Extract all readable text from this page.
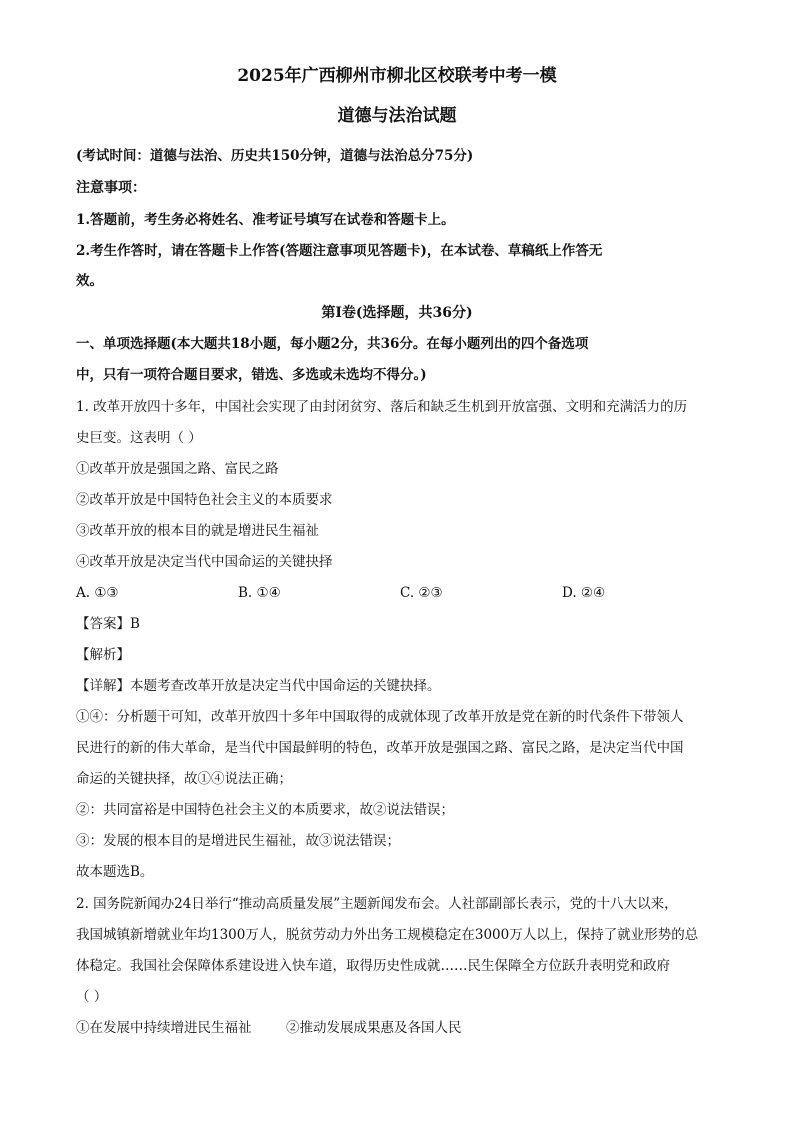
2025年广西柳州市柳北区校联考中考一模
道德与法治试题
(考试时间：道德与法治、历史共150分钟，道德与法治总分75分)
注意事项：
1.答题前，考生务必将姓名、准考证号填写在试卷和答题卡上。
2.考生作答时，请在答题卡上作答(答题注意事项见答题卡)，在本试卷、草稿纸上作答无
效。
第Ⅰ卷(选择题，共36分)
一、单项选择题(本大题共18小题，每小题2分，共36分。在每小题列出的四个备选项
中，只有一项符合题目要求，错选、多选或未选均不得分。)
1. 改革开放四十多年，中国社会实现了由封闭贫穷、落后和缺乏生机到开放富强、文明和充满活力的历
史巨变。这表明（ ）
①改革开放是强国之路、富民之路
②改革开放是中国特色社会主义的本质要求
③改革开放的根本目的就是增进民生福祉
④改革开放是决定当代中国命运的关键抉择
A. ①③	B. ①④	C. ②③	D. ②④
【答案】B
【解析】
【详解】本题考查改革开放是决定当代中国命运的关键抉择。
①④：分析题干可知，改革开放四十多年中国取得的成就体现了改革开放是党在新的时代条件下带领人
民进行的新的伟大革命，是当代中国最鲜明的特色，改革开放是强国之路、富民之路，是决定当代中国
命运的关键抉择，故①④说法正确；
②：共同富裕是中国特色社会主义的本质要求，故②说法错误；
③：发展的根本目的是增进民生福祉，故③说法错误；
故本题选B。
2. 国务院新闻办24日举行“推动高质量发展”主题新闻发布会。人社部副部长表示，党的十八大以来，
我国城镇新增就业年均1300万人，脱贫劳动力外出务工规模稳定在3000万人以上，保持了就业形势的总
体稳定。我国社会保障体系建设进入快车道，取得历史性成就……民生保障全方位跃升表明党和政府
（ ）
①在发展中持续增进民生福祉	②推动发展成果惠及各国人民
